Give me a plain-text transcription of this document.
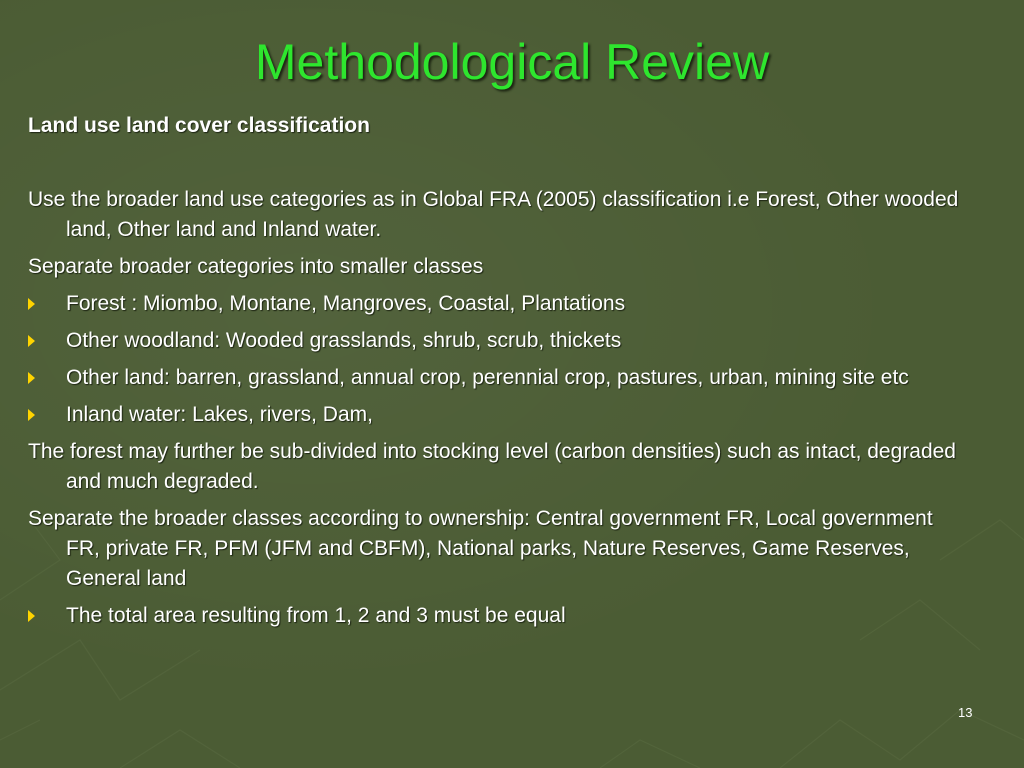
Methodological Review
Land use land cover classification
Use the broader land use categories as in Global FRA (2005) classification i.e Forest, Other wooded land, Other land and Inland water.
Separate broader categories into smaller classes
Forest : Miombo, Montane, Mangroves, Coastal, Plantations
Other woodland: Wooded grasslands, shrub, scrub, thickets
Other land: barren, grassland, annual crop, perennial crop, pastures, urban, mining site etc
Inland water: Lakes, rivers, Dam,
The forest may further be sub-divided into stocking level (carbon densities) such as intact, degraded and much degraded.
Separate the broader classes according to ownership: Central government FR, Local government FR, private FR, PFM (JFM and CBFM), National parks, Nature Reserves, Game Reserves, General land
The total area resulting from 1, 2 and 3 must be equal
13
